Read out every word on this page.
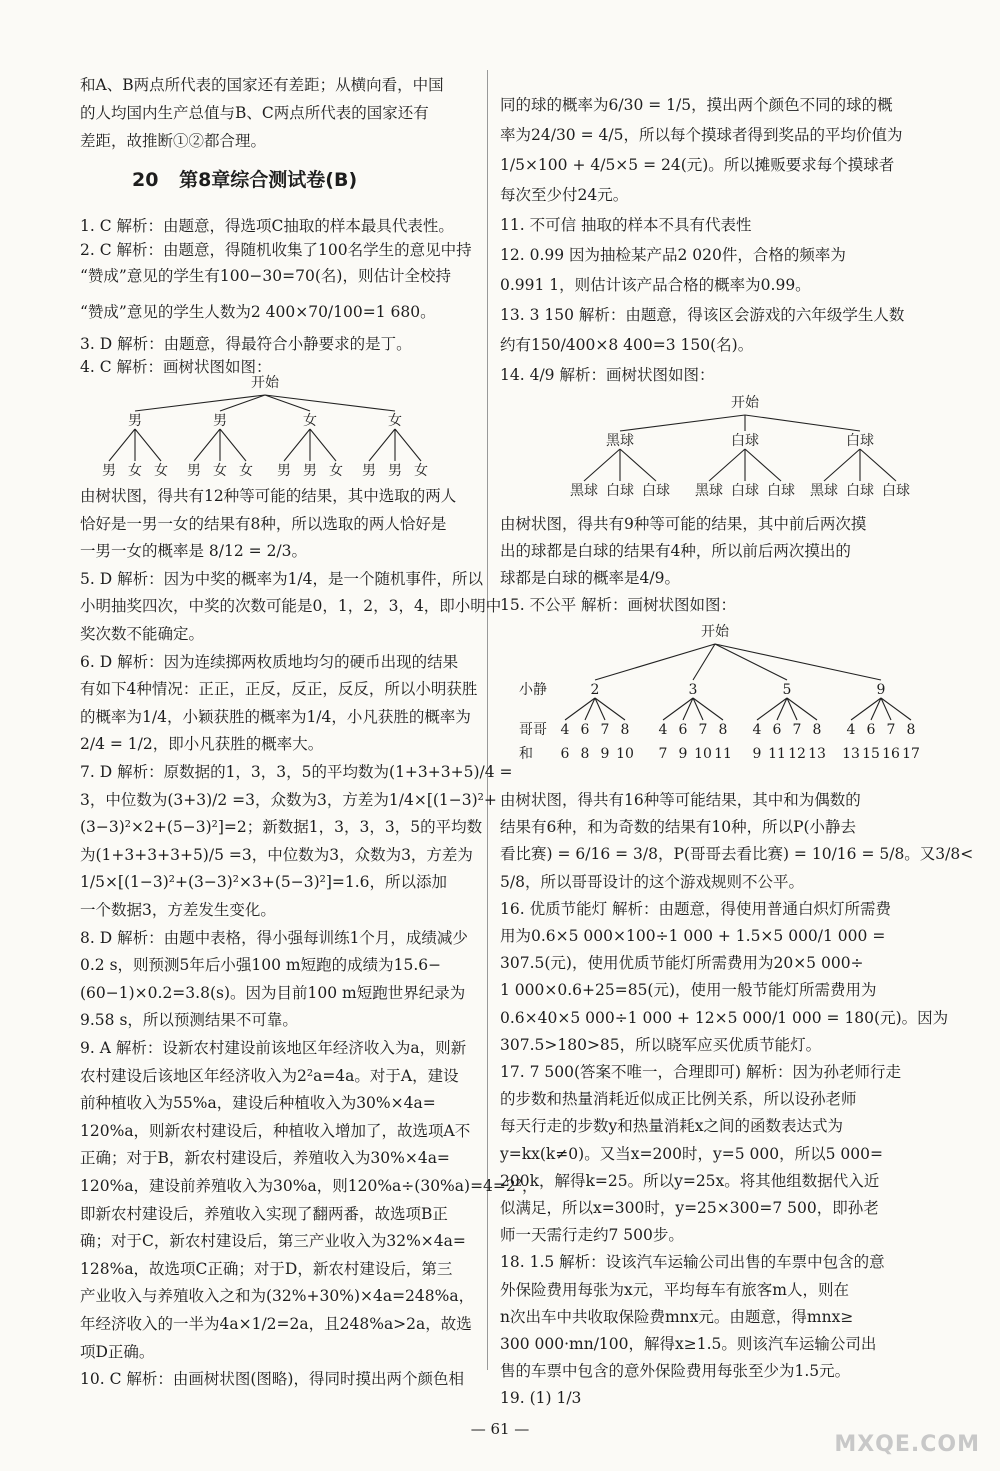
和A、B两点所代表的国家还有差距；从横向看，中国
的人均国内生产总值与B、C两点所代表的国家还有
差距，故推断①②都合理。
20 第8章综合测试卷(B)
1. C 解析：由题意，得选项C抽取的样本最具代表性。
2. C 解析：由题意，得随机收集了100名学生的意见中持
“赞成”意见的学生有100−30=70(名)，则估计全校持
“赞成”意见的学生人数为2 400×70/100=1 680。
3. D 解析：由题意，得最符合小静要求的是丁。
4. C 解析：画树状图如图：
开始
男
男 女 女
男
男 女 女
女
男 男 女
女
男 男 女
由树状图，得共有12种等可能的结果，其中选取的两人
恰好是一男一女的结果有8种，所以选取的两人恰好是
一男一女的概率是 8/12 = 2/3。
5. D 解析：因为中奖的概率为1/4，是一个随机事件，所以
小明抽奖四次，中奖的次数可能是0，1，2，3，4，即小明中
奖次数不能确定。
6. D 解析：因为连续掷两枚质地均匀的硬币出现的结果
有如下4种情况：正正，正反，反正，反反，所以小明获胜
的概率为1/4，小颖获胜的概率为1/4，小凡获胜的概率为
2/4 = 1/2，即小凡获胜的概率大。
7. D 解析：原数据的1，3，3，5的平均数为(1+3+3+5)/4 =
3，中位数为(3+3)/2 =3，众数为3，方差为1/4×[(1−3)²+
(3−3)²×2+(5−3)²]=2；新数据1，3，3，3，5的平均数
为(1+3+3+3+5)/5 =3，中位数为3，众数为3，方差为
1/5×[(1−3)²+(3−3)²×3+(5−3)²]=1.6，所以添加
一个数据3，方差发生变化。
8. D 解析：由题中表格，得小强每训练1个月，成绩减少
0.2 s，则预测5年后小强100 m短跑的成绩为15.6−
(60−1)×0.2=3.8(s)。因为目前100 m短跑世界纪录为
9.58 s，所以预测结果不可靠。
9. A 解析：设新农村建设前该地区年经济收入为a，则新
农村建设后该地区年经济收入为2²a=4a。对于A，建设
前种植收入为55%a，建设后种植收入为30%×4a=
120%a，则新农村建设后，种植收入增加了，故选项A不
正确；对于B，新农村建设后，养殖收入为30%×4a=
120%a，建设前养殖收入为30%a，则120%a÷(30%a)=4=2²，
即新农村建设后，养殖收入实现了翻两番，故选项B正
确；对于C，新农村建设后，第三产业收入为32%×4a=
128%a，故选项C正确；对于D，新农村建设后，第三
产业收入与养殖收入之和为(32%+30%)×4a=248%a，
年经济收入的一半为4a×1/2=2a，且248%a>2a，故选
项D正确。
10. C 解析：由画树状图(图略)，得同时摸出两个颜色相
同的球的概率为6/30 = 1/5，摸出两个颜色不同的球的概
率为24/30 = 4/5，所以每个摸球者得到奖品的平均价值为
1/5×100 + 4/5×5 = 24(元)。所以摊贩要求每个摸球者
每次至少付24元。
11. 不可信 抽取的样本不具有代表性
12. 0.99 因为抽检某产品2 020件，合格的频率为
0.991 1，则估计该产品合格的概率为0.99。
13. 3 150 解析：由题意，得该区会游戏的六年级学生人数
约有150/400×8 400=3 150(名)。
14. 4/9 解析：画树状图如图：
开始
黑球
黑球 白球 白球
白球
黑球 白球 白球
白球
黑球 白球 白球
由树状图，得共有9种等可能的结果，其中前后两次摸
出的球都是白球的结果有4种，所以前后两次摸出的
球都是白球的概率是4/9。
15. 不公平 解析：画树状图如图：
开始
小静
哥哥
和
2
4
6
6
8
7
9
8
10
3
4
7
6
9
7
10
8
11
5
4
9
6
11
7
12
8
13
9
4
13
6
15
7
16
8
17
由树状图，得共有16种等可能结果，其中和为偶数的
结果有6种，和为奇数的结果有10种，所以P(小静去
看比赛) = 6/16 = 3/8，P(哥哥去看比赛) = 10/16 = 5/8。又3/8<
5/8，所以哥哥设计的这个游戏规则不公平。
16. 优质节能灯 解析：由题意，得使用普通白炽灯所需费
用为0.6×5 000×100÷1 000 + 1.5×5 000/1 000 =
307.5(元)，使用优质节能灯所需费用为20×5 000÷
1 000×0.6+25=85(元)，使用一般节能灯所需费用为
0.6×40×5 000÷1 000 + 12×5 000/1 000 = 180(元)。因为
307.5>180>85，所以晓军应买优质节能灯。
17. 7 500(答案不唯一，合理即可) 解析：因为孙老师行走
的步数和热量消耗近似成正比例关系，所以设孙老师
每天行走的步数y和热量消耗x之间的函数表达式为
y=kx(k≠0)。又当x=200时，y=5 000，所以5 000=
200k，解得k=25。所以y=25x。将其他组数据代入近
似满足，所以x=300时，y=25×300=7 500，即孙老
师一天需行走约7 500步。
18. 1.5 解析：设该汽车运输公司出售的车票中包含的意
外保险费用每张为x元，平均每车有旅客m人，则在
n次出车中共收取保险费mnx元。由题意，得mnx≥
300 000·mn/100，解得x≥1.5。则该汽车运输公司出
售的车票中包含的意外保险费用每张至少为1.5元。
19. (1) 1/3
— 61 —
MXQE.COM
